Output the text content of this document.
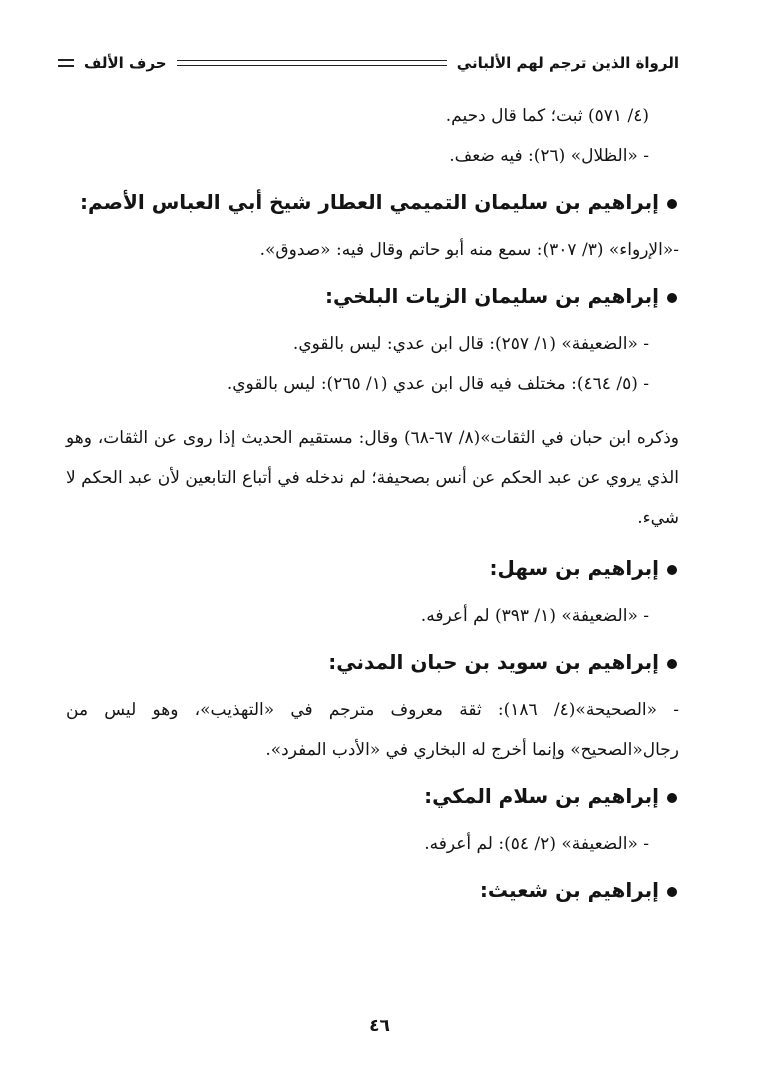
الرواة الذين ترجم لهم الألباني
حرف الألف

(٤/ ٥٧١) ثبت؛ كما قال دحيم.

- «الظلال» (٢٦): فيه ضعف.

إبراهيم بن سليمان التميمي العطار شيخ أبي العباس الأصم:

-«الإرواء» (٣/ ٣٠٧): سمع منه أبو حاتم وقال فيه: «صدوق».

إبراهيم بن سليمان الزيات البلخي:

- «الضعيفة» (١/ ٢٥٧): قال ابن عدي: ليس بالقوي.

- (٥/ ٤٦٤): مختلف فيه قال ابن عدي (١/ ٢٦٥): ليس بالقوي.

وذكره ابن حبان في الثقات»(٨/ ٦٧-٦٨) وقال: مستقيم الحديث إذا روى عن الثقات، وهو الذي يروي عن عبد الحكم عن أنس بصحيفة؛ لم ندخله في أتباع التابعين لأن عبد الحكم لا شيء.

إبراهيم بن سهل:

- «الضعيفة» (١/ ٣٩٣) لم أعرفه.

إبراهيم بن سويد بن حبان المدني:

- «الصحيحة»(٤/ ١٨٦): ثقة معروف مترجم في «التهذيب»، وهو ليس من رجال«الصحيح» وإنما أخرج له البخاري في «الأدب المفرد».

إبراهيم بن سلام المكي:

- «الضعيفة» (٢/ ٥٤): لم أعرفه.

إبراهيم بن شعيث:
٤٦
